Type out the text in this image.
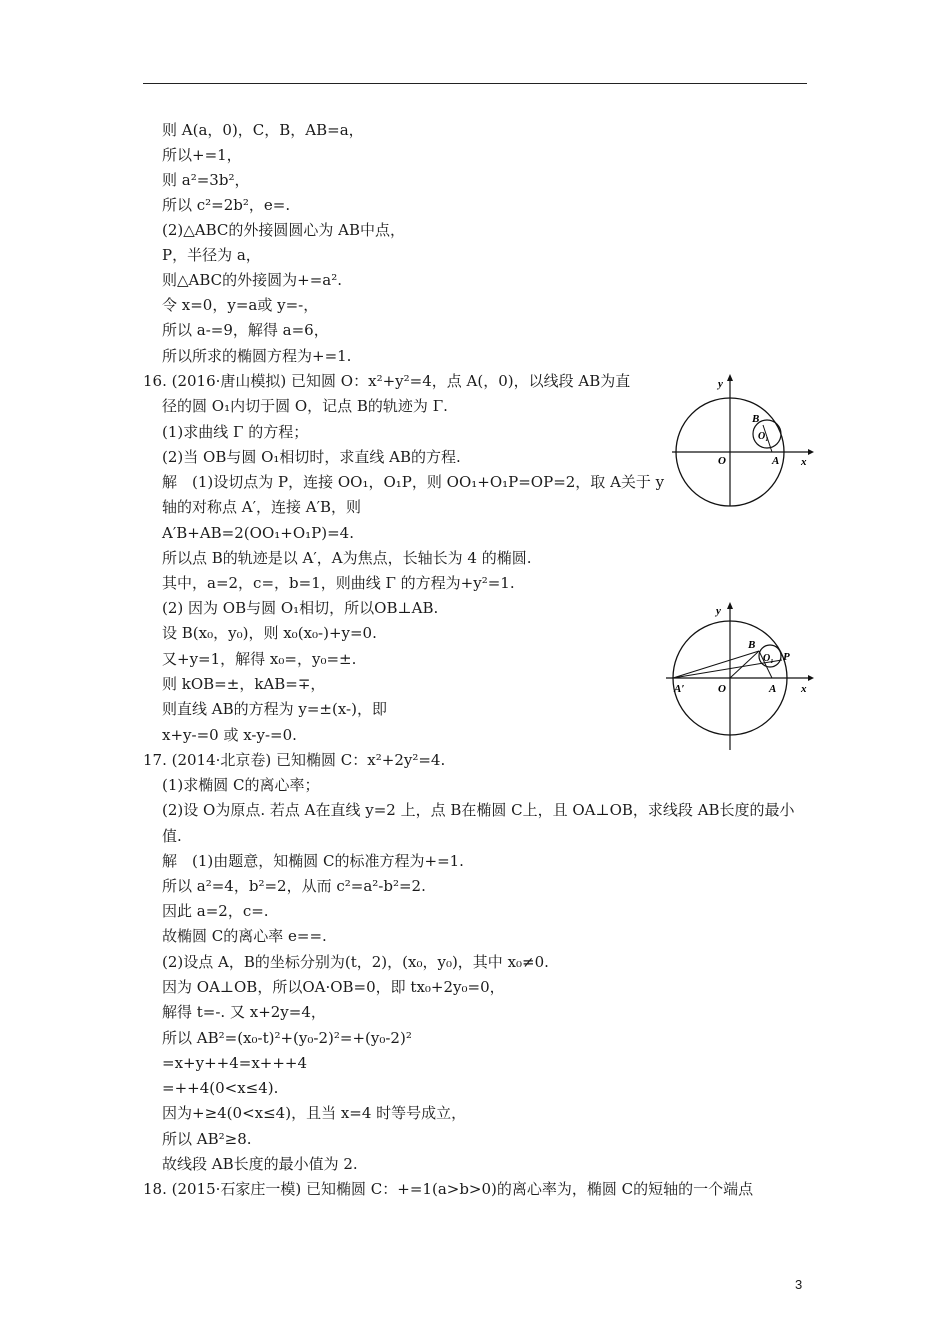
则 A(a，0)，C，B，AB=a，
所以+=1，
则 a²=3b²，
所以 c²=2b²，e=.
(2)△ABC的外接圆圆心为 AB中点，
P，半径为 a，
则△ABC的外接圆为+=a².
令 x=0，y=a或 y=-，
所以 a-=9，解得 a=6，
所以所求的椭圆方程为+=1.
16. (2016·唐山模拟) 已知圆 O：x²+y²=4，点 A(，0)，以线段 AB为直
径的圆 O₁内切于圆 O，记点 B的轨迹为 Γ.
(1)求曲线 Γ 的方程；
(2)当 OB与圆 O₁相切时，求直线 AB的方程.
解　(1)设切点为 P，连接 OO₁，O₁P，则 OO₁+O₁P=OP=2，取 A关于 y
轴的对称点 A′，连接 A′B，则
A′B+AB=2(OO₁+O₁P)=4.
所以点 B的轨迹是以 A′，A为焦点，长轴长为 4 的椭圆.
其中，a=2，c=，b=1，则曲线 Γ 的方程为+y²=1.
(2) 因为 OB与圆 O₁相切，所以OB⊥AB.
设 B(x₀，y₀)，则 x₀(x₀-)+y=0.
又+y=1，解得 x₀=，y₀=±.
则 kOB=±，kAB=∓，
则直线 AB的方程为 y=±(x-)，即
x+y-=0 或 x-y-=0.
17. (2014·北京卷) 已知椭圆 C：x²+2y²=4.
(1)求椭圆 C的离心率；
(2)设 O为原点. 若点 A在直线 y=2 上，点 B在椭圆 C上，且 OA⊥OB，求线段 AB长度的最小
值.
解　(1)由题意，知椭圆 C的标准方程为+=1.
所以 a²=4，b²=2，从而 c²=a²-b²=2.
因此 a=2，c=.
故椭圆 C的离心率 e==.
(2)设点 A，B的坐标分别为(t，2)，(x₀，y₀)，其中 x₀≠0.
因为 OA⊥OB，所以OA·OB=0，即 tx₀+2y₀=0，
解得 t=-. 又 x+2y=4，
所以 AB²=(x₀-t)²+(y₀-2)²=+(y₀-2)²
=x+y++4=x+++4
=++4(0<x≤4).
因为+≥4(0<x≤4)，且当 x=4 时等号成立，
所以 AB²≥8.
故线段 AB长度的最小值为 2.
18. (2015·石家庄一模) 已知椭圆 C：+=1(a>b>0)的离心率为，椭圆 C的短轴的一个端点
y
x
O	A
B
O₁
y
x
O	A
A′
B
O₁ P
3
